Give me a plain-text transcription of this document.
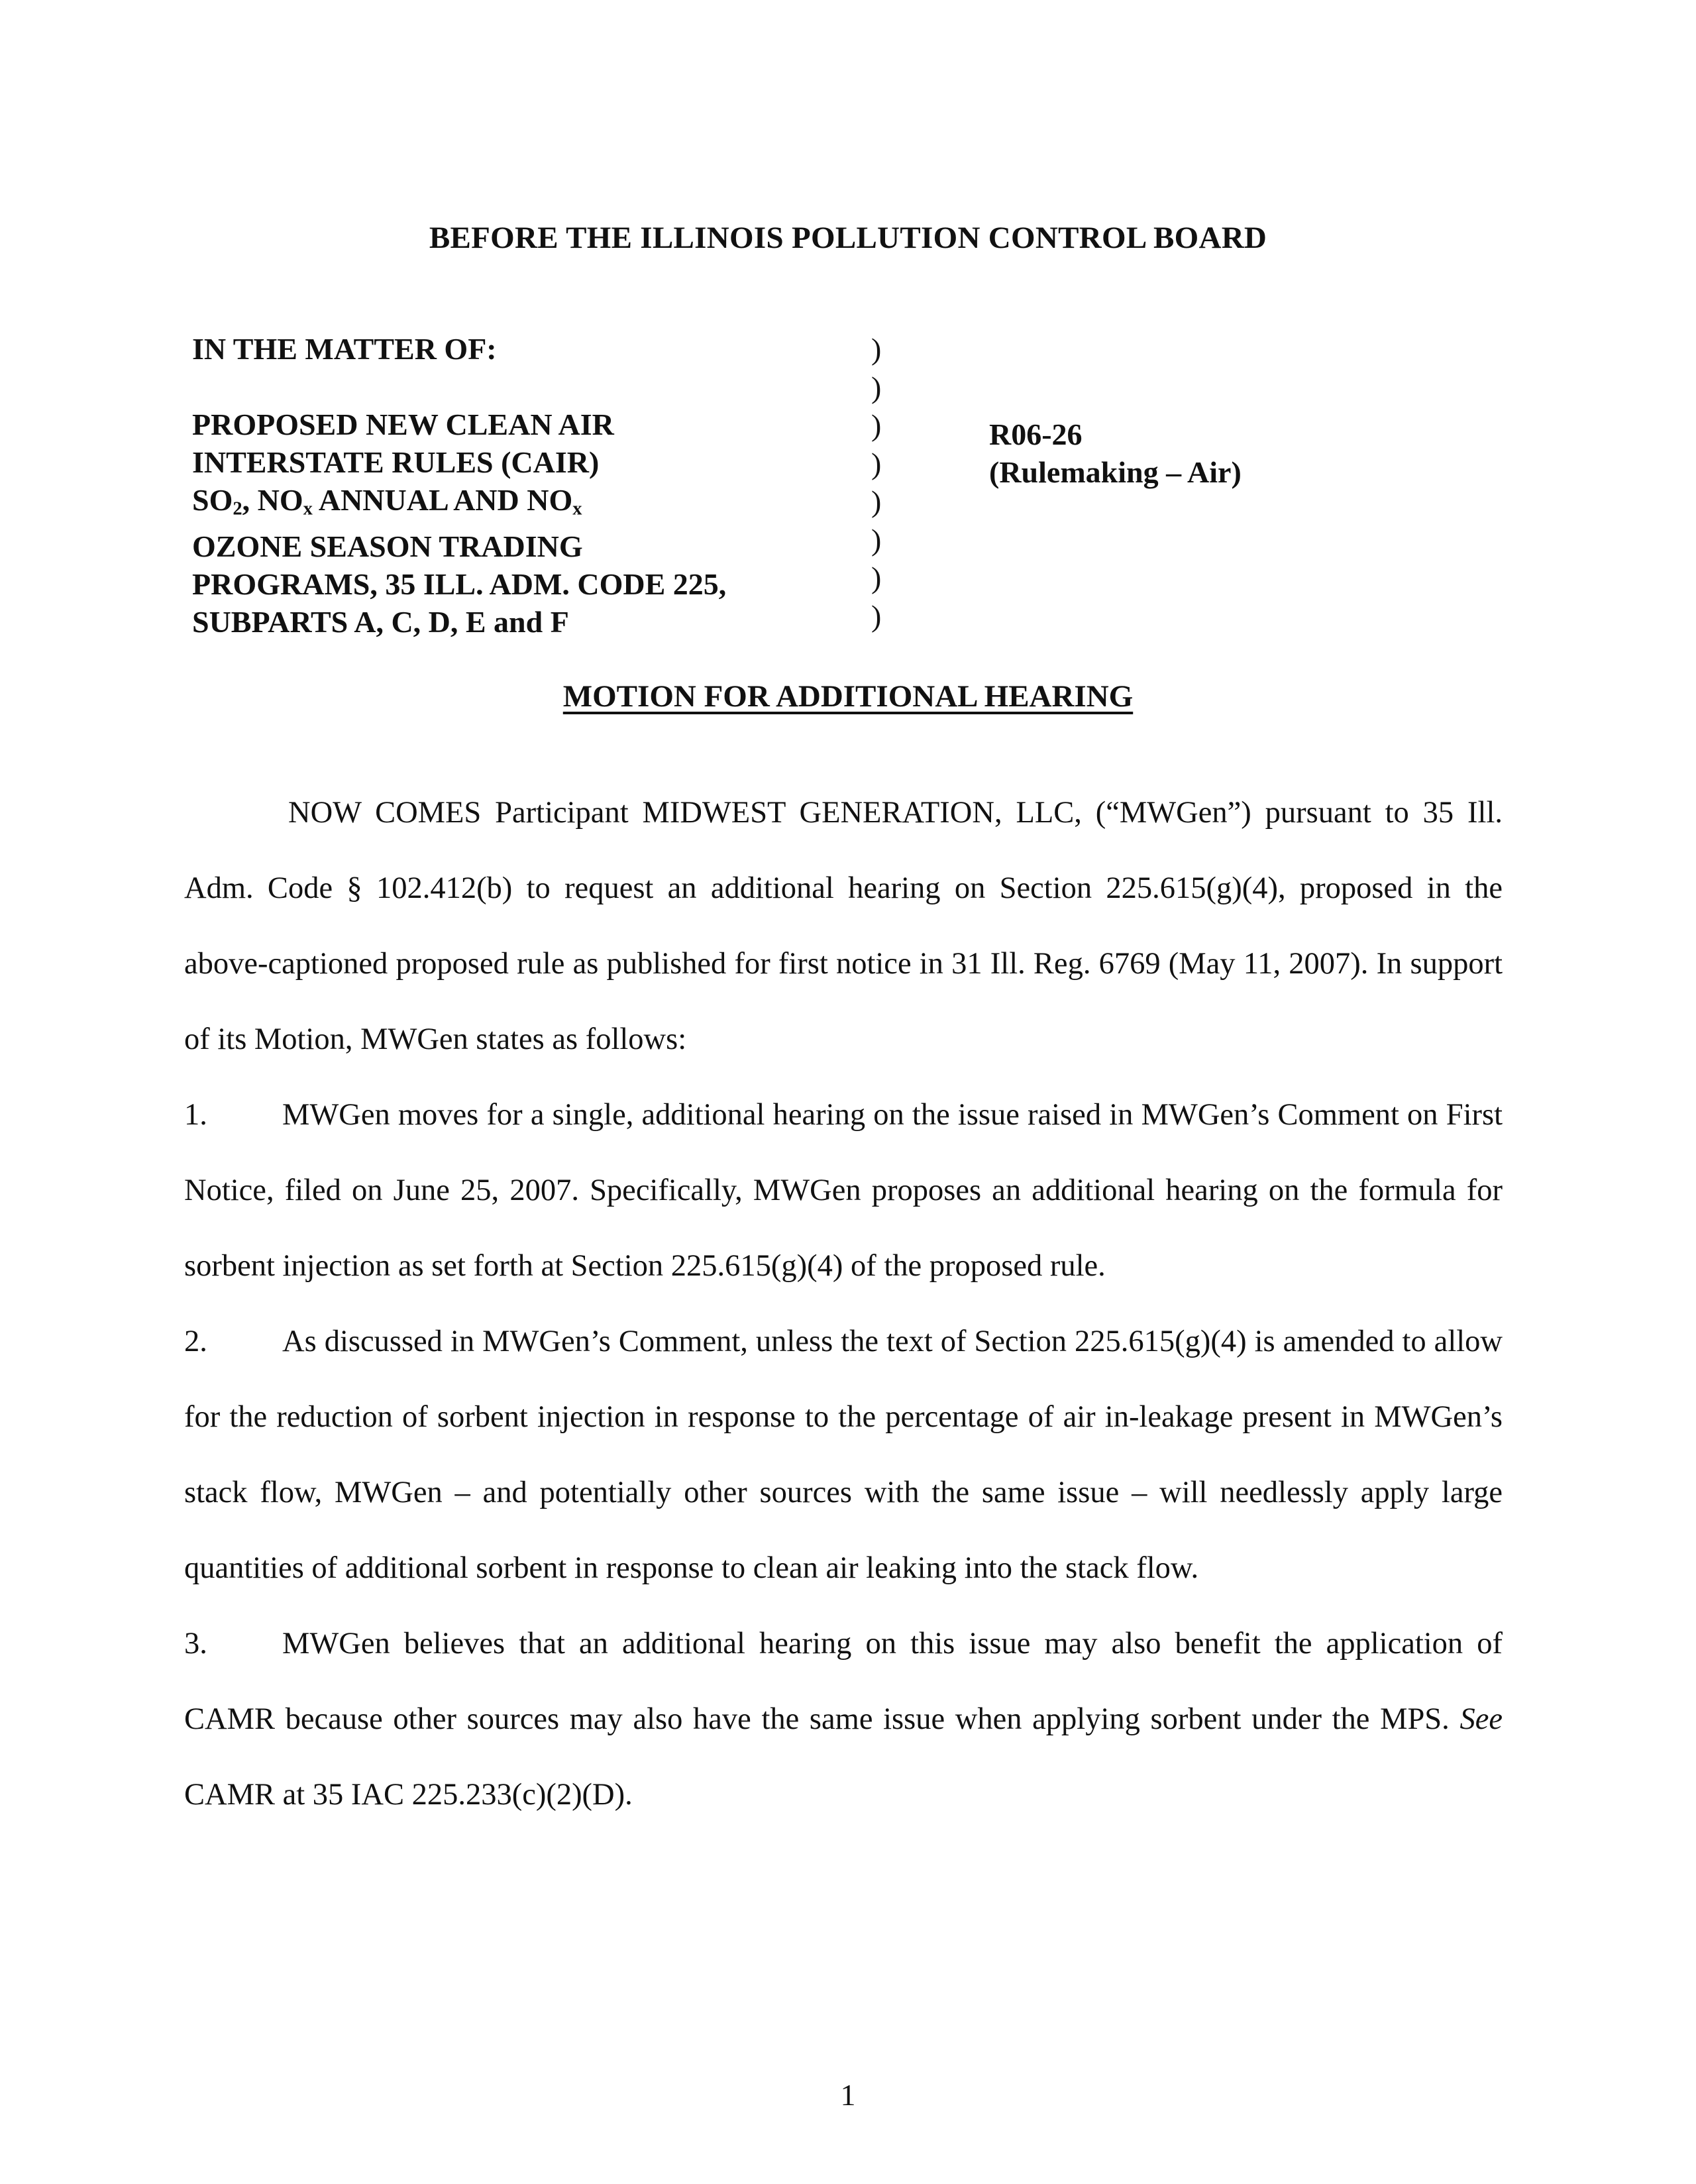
BEFORE THE ILLINOIS POLLUTION CONTROL BOARD
IN THE MATTER OF:
PROPOSED NEW CLEAN AIR
INTERSTATE RULES (CAIR)
$SO_2$, $NO_x$ ANNUAL AND $NO_x$
OZONE SEASON TRADING
PROGRAMS, 35 ILL. ADM. CODE 225,
SUBPARTS A, C, D, E and F
)
)
)
)
)
)
)
)
R06-26
(Rulemaking – Air)
MOTION FOR ADDITIONAL HEARING

NOW COMES Participant MIDWEST GENERATION, LLC, (“MWGen”) pursuant to 35 Ill. Adm. Code § 102.412(b) to request an additional hearing on Section 225.615(g)(4), proposed in the above-captioned proposed rule as published for first notice in 31 Ill. Reg. 6769 (May 11, 2007). In support of its Motion, MWGen states as follows:

1. MWGen moves for a single, additional hearing on the issue raised in MWGen’s Comment on First Notice, filed on June 25, 2007. Specifically, MWGen proposes an additional hearing on the formula for sorbent injection as set forth at Section 225.615(g)(4) of the proposed rule.

2. As discussed in MWGen’s Comment, unless the text of Section 225.615(g)(4) is amended to allow for the reduction of sorbent injection in response to the percentage of air in-leakage present in MWGen’s stack flow, MWGen – and potentially other sources with the same issue – will needlessly apply large quantities of additional sorbent in response to clean air leaking into the stack flow.

3. MWGen believes that an additional hearing on this issue may also benefit the application of CAMR because other sources may also have the same issue when applying sorbent under the MPS. See CAMR at 35 IAC 225.233(c)(2)(D).

1
